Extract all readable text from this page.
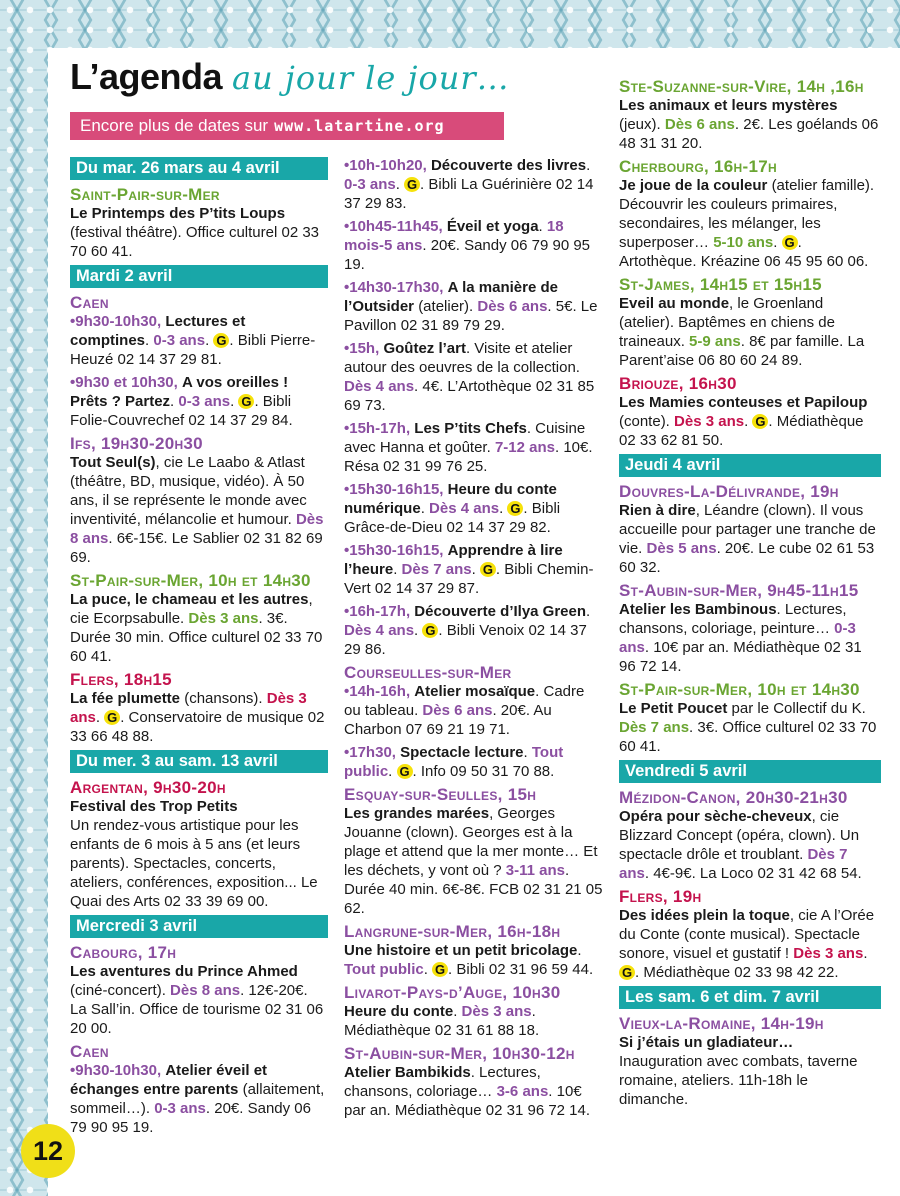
L’agenda au jour le jour…
Encore plus de dates sur www.latartine.org
Du mar. 26 mars au 4 avril
Saint-Pair-sur-Mer
Le Printemps des P’tits Loups (festival théâtre). Office culturel 02 33 70 60 41.
Mardi 2 avril
Caen
•9h30-10h30, Lectures et comptines. 0-3 ans. G . Bibli Pierre-Heuzé 02 14 37 29 81.
•9h30 et 10h30, A vos oreilles ! Prêts ? Partez. 0-3 ans. G . Bibli Folie-Couvrechef 02 14 37 29 84.
Ifs, 19h30-20h30
Tout Seul(s), cie Le Laabo & Atlast (théâtre, BD, musique, vidéo). À 50 ans, il se représente le monde avec inventivité, mélancolie et humour. Dès 8 ans. 6€-15€. Le Sablier 02 31 82 69 69.
St-Pair-sur-Mer, 10h et 14h30
La puce, le chameau et les autres, cie Ecorpsabulle. Dès 3 ans. 3€. Durée 30 min. Office culturel 02 33 70 60 41.
Flers, 18h15
La fée plumette (chansons). Dès 3 ans. G . Conservatoire de musique 02 33 66 48 88.
Du mer. 3 au sam. 13 avril
Argentan, 9h30-20h
Festival des Trop Petits
Un rendez-vous artistique pour les enfants de 6 mois à 5 ans (et leurs parents). Spectacles, concerts, ateliers, conférences, exposition... Le Quai des Arts 02 33 39 69 00.
Mercredi 3 avril
Cabourg, 17h
Les aventures du Prince Ahmed (ciné-concert). Dès 8 ans. 12€-20€. La Sall’in. Office de tourisme 02 31 06 20 00.
Caen
•9h30-10h30, Atelier éveil et échanges entre parents (allaitement, sommeil…). 0-3 ans. 20€. Sandy 06 79 90 95 19.
•10h-10h20, Découverte des livres. 0-3 ans. G . Bibli La Guérinière 02 14 37 29 83.
•10h45-11h45, Éveil et yoga. 18 mois-5 ans. 20€. Sandy 06 79 90 95 19.
•14h30-17h30, A la manière de l’Outsider (atelier). Dès 6 ans. 5€. Le Pavillon 02 31 89 79 29.
•15h, Goûtez l’art. Visite et atelier autour des oeuvres de la collection. Dès 4 ans. 4€. L’Artothèque 02 31 85 69 73.
•15h-17h, Les P’tits Chefs. Cuisine avec Hanna et goûter. 7-12 ans. 10€. Résa 02 31 99 76 25.
•15h30-16h15, Heure du conte numérique. Dès 4 ans. G . Bibli Grâce-de-Dieu 02 14 37 29 82.
•15h30-16h15, Apprendre à lire l’heure. Dès 7 ans. G . Bibli Chemin-Vert 02 14 37 29 87.
•16h-17h, Découverte d’Ilya Green. Dès 4 ans. G . Bibli Venoix 02 14 37 29 86.
Courseulles-sur-Mer
•14h-16h, Atelier mosaïque. Cadre ou tableau. Dès 6 ans. 20€. Au Charbon 07 69 21 19 71.
•17h30, Spectacle lecture. Tout public. G . Info 09 50 31 70 88.
Esquay-sur-Seulles, 15h
Les grandes marées, Georges Jouanne (clown). Georges est à la plage et attend que la mer monte… Et les déchets, y vont où ? 3-11 ans. Durée 40 min. 6€-8€. FCB 02 31 21 05 62.
Langrune-sur-Mer, 16h-18h
Une histoire et un petit bricolage. Tout public. G . Bibli 02 31 96 59 44.
Livarot-Pays-d’Auge, 10h30
Heure du conte. Dès 3 ans. Médiathèque 02 31 61 88 18.
St-Aubin-sur-Mer, 10h30-12h
Atelier Bambikids. Lectures, chansons, coloriage… 3-6 ans. 10€ par an. Médiathèque 02 31 96 72 14.
Ste-Suzanne-sur-Vire, 14h ,16h
Les animaux et leurs mystères (jeux). Dès 6 ans. 2€. Les goélands 06 48 31 31 20.
Cherbourg, 16h-17h
Je joue de la couleur (atelier famille). Découvrir les couleurs primaires, secondaires, les mélanger, les superposer… 5-10 ans. G . Artothèque. Kréazine 06 45 95 60 06.
St-James, 14h15 et 15h15
Eveil au monde, le Groenland (atelier). Baptêmes en chiens de traineaux. 5-9 ans. 8€ par famille. La Parent’aise 06 80 60 24 89.
Briouze, 16h30
Les Mamies conteuses et Papiloup (conte). Dès 3 ans. G . Médiathèque 02 33 62 81 50.
Jeudi 4 avril
Douvres-La-Délivrande, 19h
Rien à dire, Léandre (clown). Il vous accueille pour partager une tranche de vie. Dès 5 ans. 20€. Le cube 02 61 53 60 32.
St-Aubin-sur-Mer, 9h45-11h15
Atelier les Bambinous. Lectures, chansons, coloriage, peinture… 0-3 ans. 10€ par an. Médiathèque 02 31 96 72 14.
St-Pair-sur-Mer, 10h et 14h30
Le Petit Poucet par le Collectif du K. Dès 7 ans. 3€. Office culturel 02 33 70 60 41.
Vendredi 5 avril
Mézidon-Canon, 20h30-21h30
Opéra pour sèche-cheveux, cie Blizzard Concept (opéra, clown). Un spectacle drôle et troublant. Dès 7 ans. 4€-9€. La Loco 02 31 42 68 54.
Flers, 19h
Des idées plein la toque, cie A l’Orée du Conte (conte musical). Spectacle sonore, visuel et gustatif ! Dès 3 ans. G . Médiathèque 02 33 98 42 22.
Les sam. 6 et dim. 7 avril
Vieux-la-Romaine, 14h-19h
Si j’étais un gladiateur…
Inauguration avec combats, taverne romaine, ateliers. 11h-18h le dimanche.
12
